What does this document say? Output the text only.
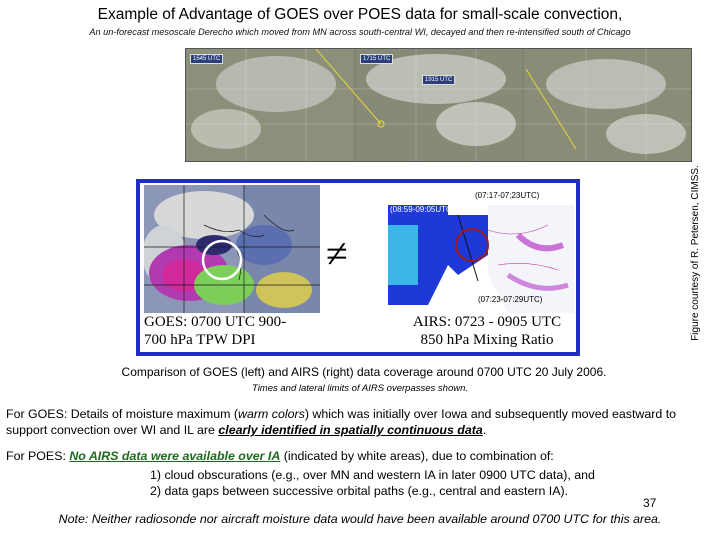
Example of Advantage of GOES over POES data for small-scale convection,
An un-forecast mesoscale Derecho which moved from MN across south-central WI, decayed and then re-intensified south of Chicago
1545 UTC	1715 UTC
1915 UTC
≠
(07:17-07:23UTC)
(08:59-09:05UTC)
(07:23-07:29UTC)
GOES: 0700 UTC 900-
700 hPa TPW DPI
AIRS: 0723 - 0905 UTC
850 hPa Mixing Ratio	Figure courtesy of R. Petersen, CIMSS.
Comparison of GOES (left) and AIRS (right) data coverage around 0700 UTC 20 July 2006.
Times and lateral limits of AIRS overpasses shown.
For GOES: Details of moisture maximum (warm colors) which was initially over Iowa and subsequently moved eastward to support convection over WI and IL are clearly identified in spatially continuous data.
For POES: No AIRS data were available over IA (indicated by white areas), due to combination of:
1) cloud obscurations (e.g., over MN and western IA in later 0900 UTC data), and
2) data gaps between successive orbital paths (e.g., central and eastern IA).
37
Note: Neither radiosonde nor aircraft moisture data would have been available around 0700 UTC for this area.
